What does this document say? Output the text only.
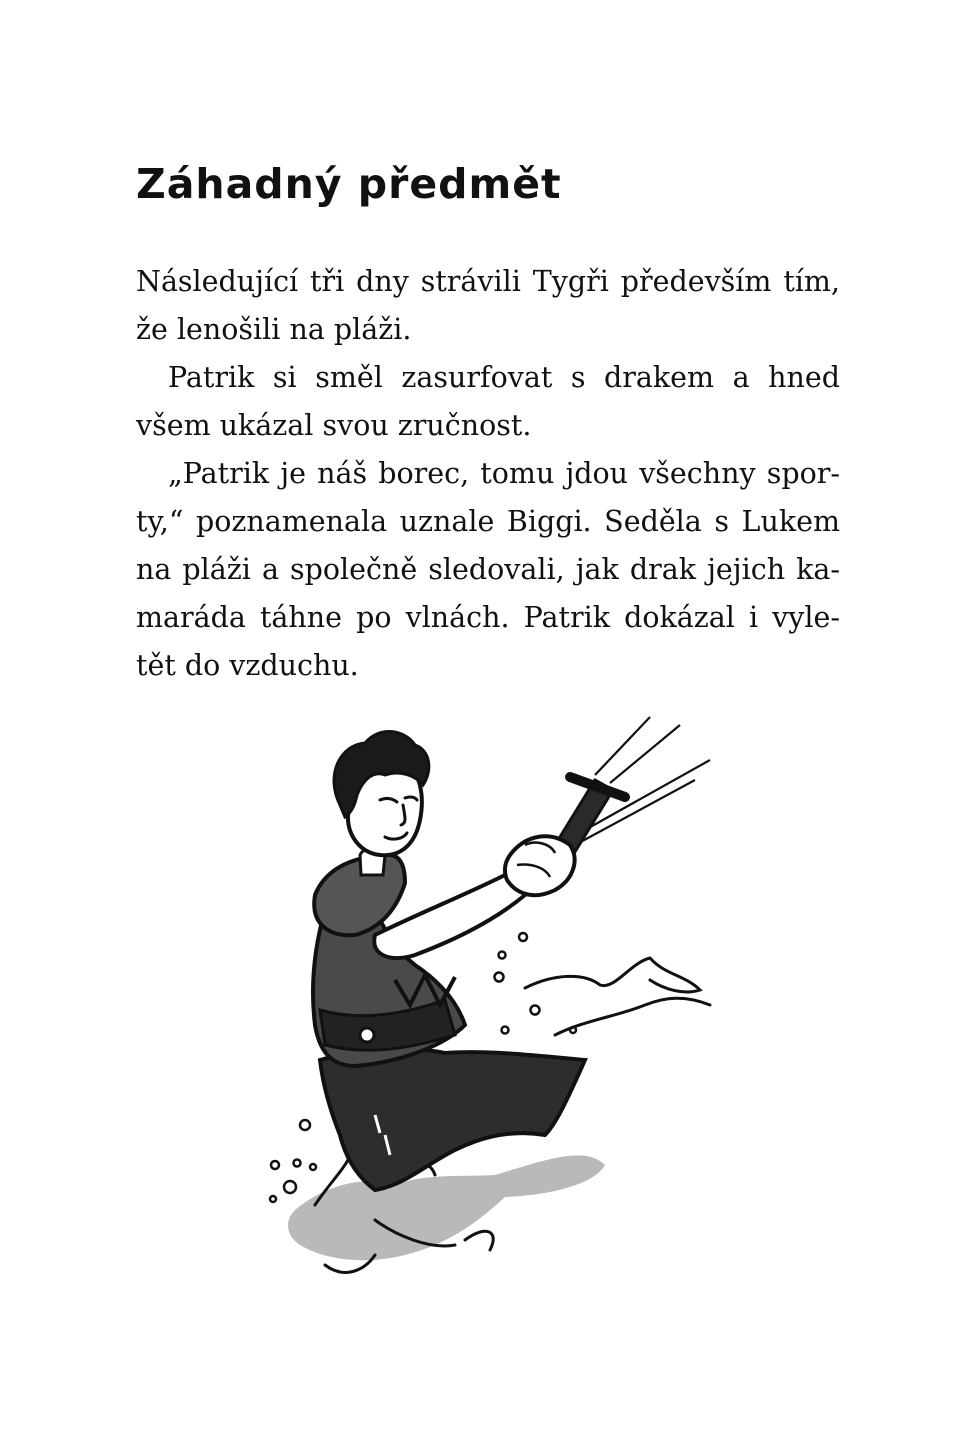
Záhadný předmět
Následující tři dny strávili Tygři především tím,
že lenošili na pláži.
Patrik si směl zasurfovat s drakem a hned
všem ukázal svou zručnost.
„Patrik je náš borec, tomu jdou všechny spor-
ty,“ poznamenala uznale Biggi. Seděla s Lukem
na pláži a společně sledovali, jak drak jejich ka-
maráda táhne po vlnách. Patrik dokázal i vyle-
tět do vzduchu.
